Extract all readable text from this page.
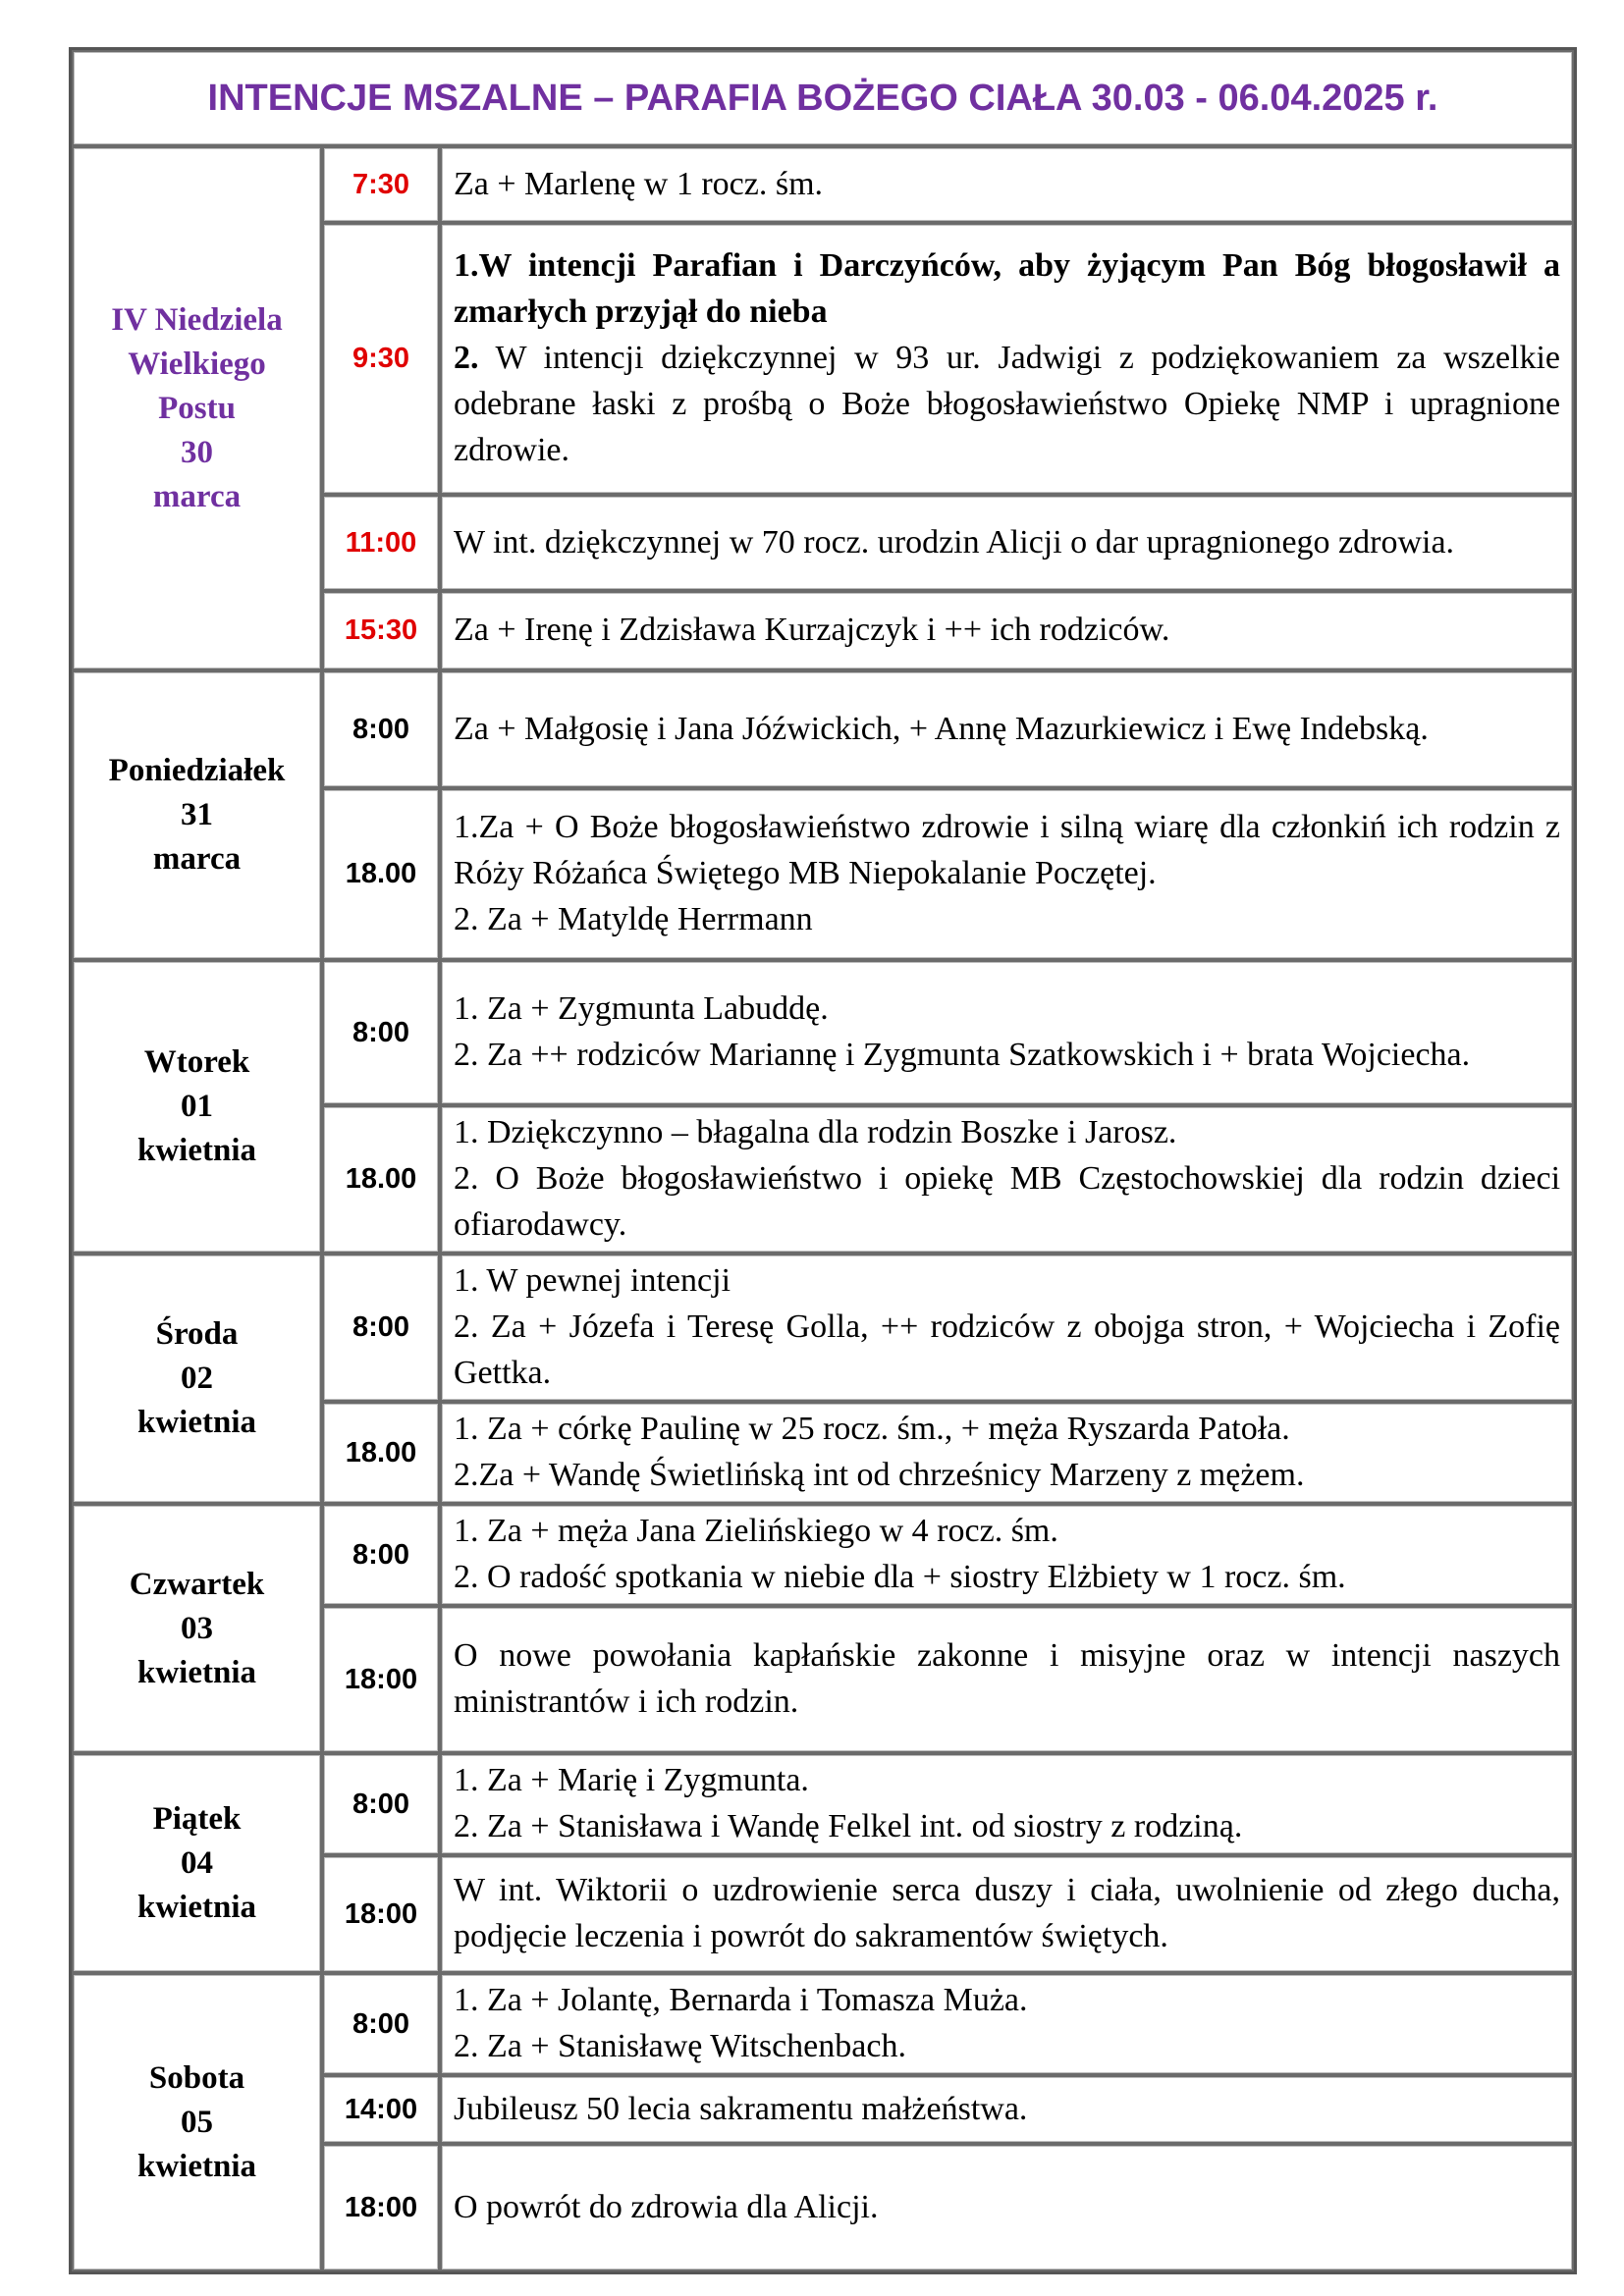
INTENCJE MSZALNE – PARAFIA BOŻEGO CIAŁA 30.03 - 06.04.2025 r.		

IV Niedziela
Wielkiego
Postu
30
marca	7:30	Za + Marlenę w 1 rocz. śm.

	9:30	1.W intencji Parafian i Darczyńców, aby żyjącym Pan Bóg błogosławił a zmarłych przyjął do nieba
2. W intencji dziękczynnej w 93 ur. Jadwigi z podziękowaniem za wszelkie odebrane łaski z prośbą o Boże błogosławieństwo Opiekę NMP i upragnione zdrowie.

	11:00	W int. dziękczynnej w 70 rocz. urodzin Alicji o dar upragnionego zdrowia.

	15:30	Za + Irenę i Zdzisława Kurzajczyk i ++ ich rodziców.

Poniedziałek
31
marca	8:00	Za + Małgosię i Jana Jóźwickich, + Annę Mazurkiewicz i Ewę Indebską.

	18.00	1.Za + O Boże błogosławieństwo zdrowie i silną wiarę dla członkiń ich rodzin z Róży Różańca Świętego MB Niepokalanie Poczętej.
2. Za + Matyldę Herrmann

Wtorek
01
kwietnia	8:00	1. Za + Zygmunta Labuddę.
2. Za ++ rodziców Mariannę i Zygmunta Szatkowskich i + brata Wojciecha.

	18.00	1. Dziękczynno – błagalna dla rodzin Boszke i Jarosz.
2. O Boże błogosławieństwo i opiekę MB Częstochowskiej dla rodzin dzieci ofiarodawcy.

Środa
02
kwietnia	8:00	1. W pewnej intencji
2. Za + Józefa i Teresę Golla, ++ rodziców z obojga stron, + Wojciecha i Zofię Gettka.

	18.00	1. Za + córkę Paulinę w 25 rocz. śm., + męża Ryszarda Patoła.
2.Za + Wandę Świetlińską int od chrześnicy Marzeny z mężem.

Czwartek
03
kwietnia	8:00	1. Za + męża Jana Zielińskiego w 4 rocz. śm.
2. O radość spotkania w niebie dla + siostry Elżbiety w 1 rocz. śm.

	18:00	O nowe powołania kapłańskie zakonne i misyjne oraz w intencji naszych ministrantów i ich rodzin.

Piątek
04
kwietnia	8:00	1. Za + Marię i Zygmunta.
2. Za + Stanisława i Wandę Felkel int. od siostry z rodziną.

	18:00	W int. Wiktorii o uzdrowienie serca duszy i ciała, uwolnienie od złego ducha, podjęcie leczenia i powrót do sakramentów świętych.

Sobota
05
kwietnia	8:00	1. Za + Jolantę, Bernarda i Tomasza Muża.
2. Za + Stanisławę Witschenbach.

	14:00	Jubileusz 50 lecia sakramentu małżeństwa.

	18:00	O powrót do zdrowia dla Alicji.
